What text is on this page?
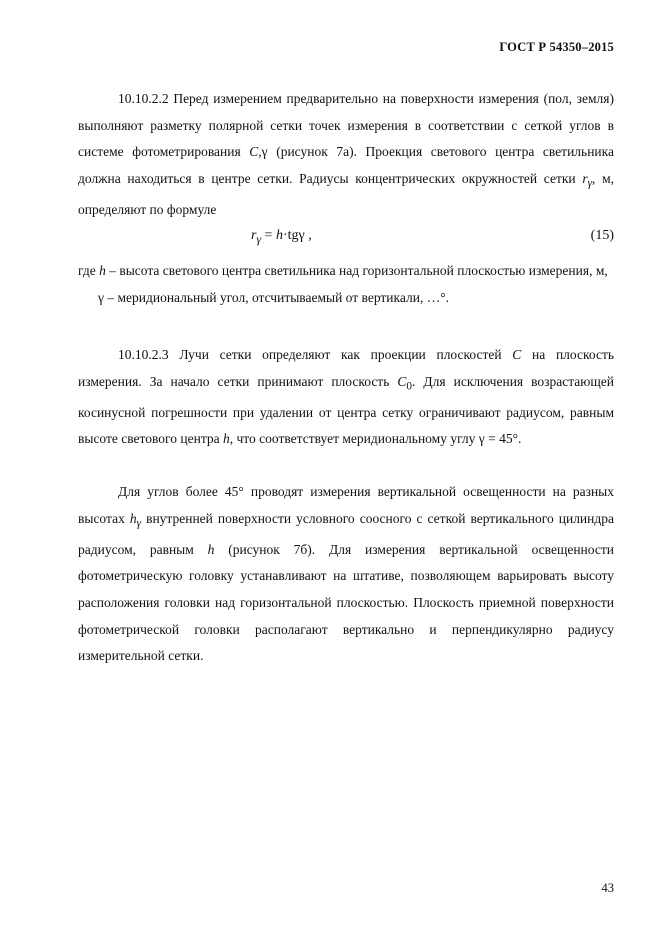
ГОСТ Р 54350–2015

10.10.2.2 Перед измерением предварительно на поверхности измерения (пол, земля) выполняют разметку полярной сетки точек измерения в соответствии с сеткой углов в системе фотометрирования C,γ (рисунок 7а). Проекция светового центра светильника должна находиться в центре сетки. Радиусы концентрических окружностей сетки $r_\gamma$, м, определяют по формуле

$r_\gamma = h\cdot tg\gamma$ ,	(15)

где h – высота светового центра светильника над горизонтальной плоскостью измерения, м,

γ – меридиональный угол, отсчитываемый от вертикали, …°.

10.10.2.3 Лучи сетки определяют как проекции плоскостей C на плоскость измерения. За начало сетки принимают плоскость $C_0$. Для исключения возрастающей косинусной погрешности при удалении от центра сетку ограничивают радиусом, равным высоте светового центра h, что соответствует меридиональному углу γ = 45°.

Для углов более 45° проводят измерения вертикальной освещенности на разных высотах $h_\gamma$ внутренней поверхности условного соосного с сеткой вертикального цилиндра радиусом, равным h (рисунок 7б). Для измерения вертикальной освещенности фотометрическую головку устанавливают на штативе, позволяющем варьировать высоту расположения головки над горизонтальной плоскостью. Плоскость приемной поверхности фотометрической головки располагают вертикально и перпендикулярно радиусу измерительной сетки.

43
